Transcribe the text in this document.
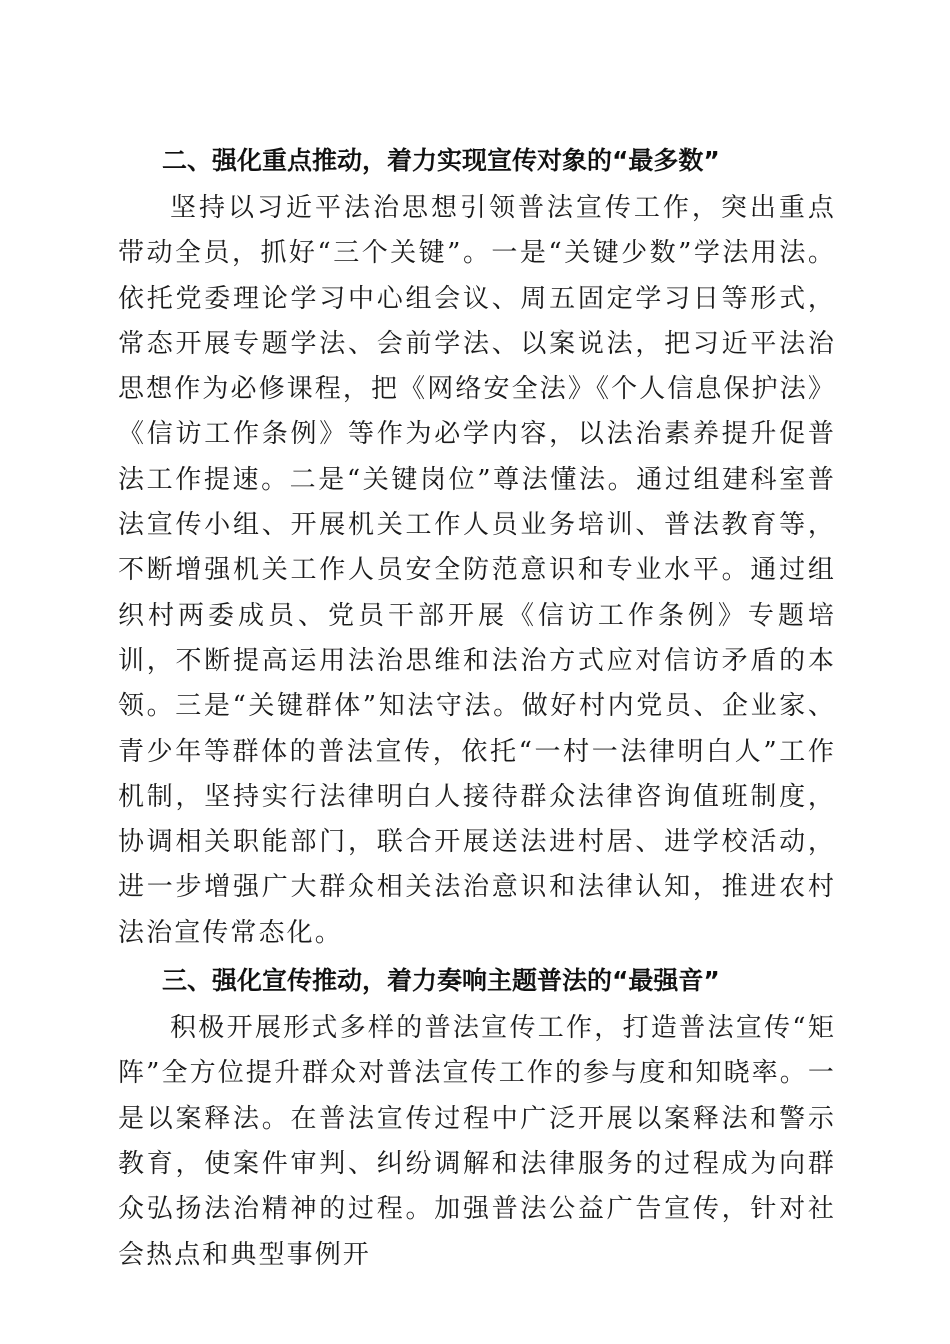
二、强化重点推动，着力实现宣传对象的“最多数”

坚持以习近平法治思想引领普法宣传工作，突出重点带动全员，抓好“三个关键”。一是“关键少数”学法用法。依托党委理论学习中心组会议、周五固定学习日等形式，常态开展专题学法、会前学法、以案说法，把习近平法治思想作为必修课程，把《网络安全法》《个人信息保护法》《信访工作条例》等作为必学内容，以法治素养提升促普法工作提速。二是“关键岗位”尊法懂法。通过组建科室普法宣传小组、开展机关工作人员业务培训、普法教育等，不断增强机关工作人员安全防范意识和专业水平。通过组织村两委成员、党员干部开展《信访工作条例》专题培训，不断提高运用法治思维和法治方式应对信访矛盾的本领。三是“关键群体”知法守法。做好村内党员、企业家、青少年等群体的普法宣传，依托“一村一法律明白人”工作机制，坚持实行法律明白人接待群众法律咨询值班制度，协调相关职能部门，联合开展送法进村居、进学校活动，进一步增强广大群众相关法治意识和法律认知，推进农村法治宣传常态化。

三、强化宣传推动，着力奏响主题普法的“最强音”

积极开展形式多样的普法宣传工作，打造普法宣传“矩阵”全方位提升群众对普法宣传工作的参与度和知晓率。一是以案释法。在普法宣传过程中广泛开展以案释法和警示教育，使案件审判、纠纷调解和法律服务的过程成为向群众弘扬法治精神的过程。加强普法公益广告宣传，针对社会热点和典型事例开
